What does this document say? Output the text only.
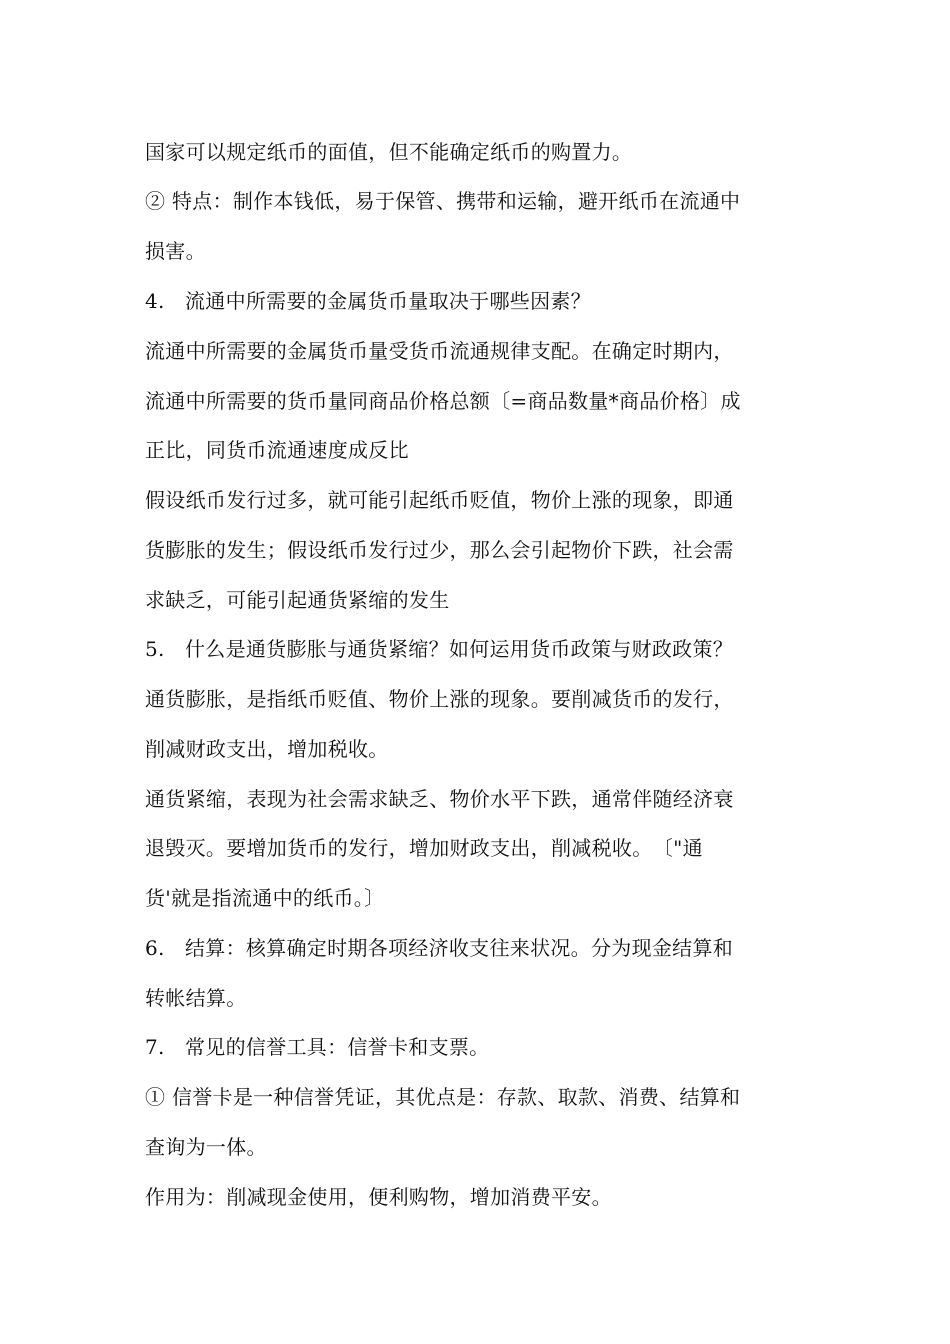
国家可以规定纸币的面值，但不能确定纸币的购置力。
② 特点：制作本钱低，易于保管、携带和运输，避开纸币在流通中
损害。
4.　流通中所需要的金属货币量取决于哪些因素？
流通中所需要的金属货币量受货币流通规律支配。在确定时期内，
流通中所需要的货币量同商品价格总额〔=商品数量*商品价格〕成
正比，同货币流通速度成反比
假设纸币发行过多，就可能引起纸币贬值，物价上涨的现象，即通
货膨胀的发生；假设纸币发行过少，那么会引起物价下跌，社会需
求缺乏，可能引起通货紧缩的发生
5.　什么是通货膨胀与通货紧缩？如何运用货币政策与财政政策？
通货膨胀，是指纸币贬值、物价上涨的现象。要削减货币的发行，
削减财政支出，增加税收。
通货紧缩，表现为社会需求缺乏、物价水平下跌，通常伴随经济衰
退毁灭。要增加货币的发行，增加财政支出，削减税收。　〔"通
货'就是指流通中的纸币。〕
6.　结算：核算确定时期各项经济收支往来状况。分为现金结算和
转帐结算。
7.　常见的信誉工具：信誉卡和支票。
① 信誉卡是一种信誉凭证，其优点是：存款、取款、消费、结算和
查询为一体。
作用为：削减现金使用，便利购物，增加消费平安。
